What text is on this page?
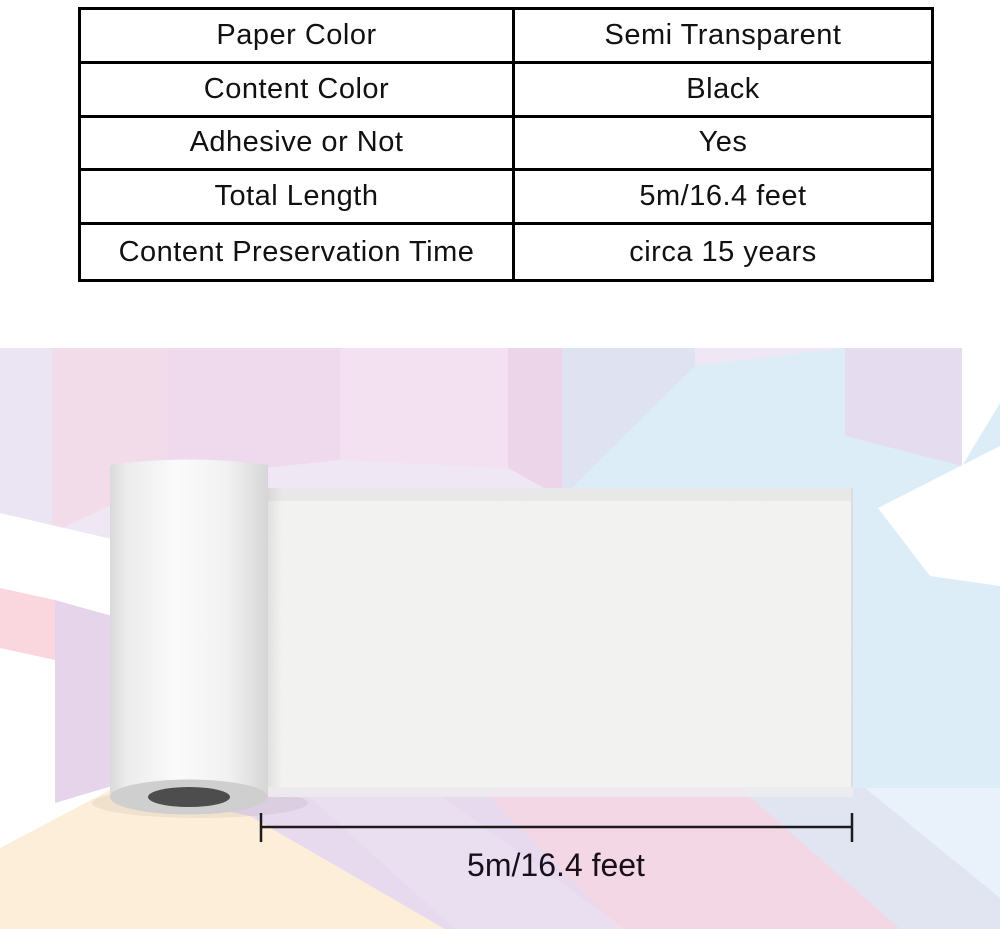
Paper Color	Semi Transparent
Content Color	Black
Adhesive or Not	Yes
Total Length	5m/16.4 feet
Content Preservation Time	circa 15 years
5m/16.4 feet
